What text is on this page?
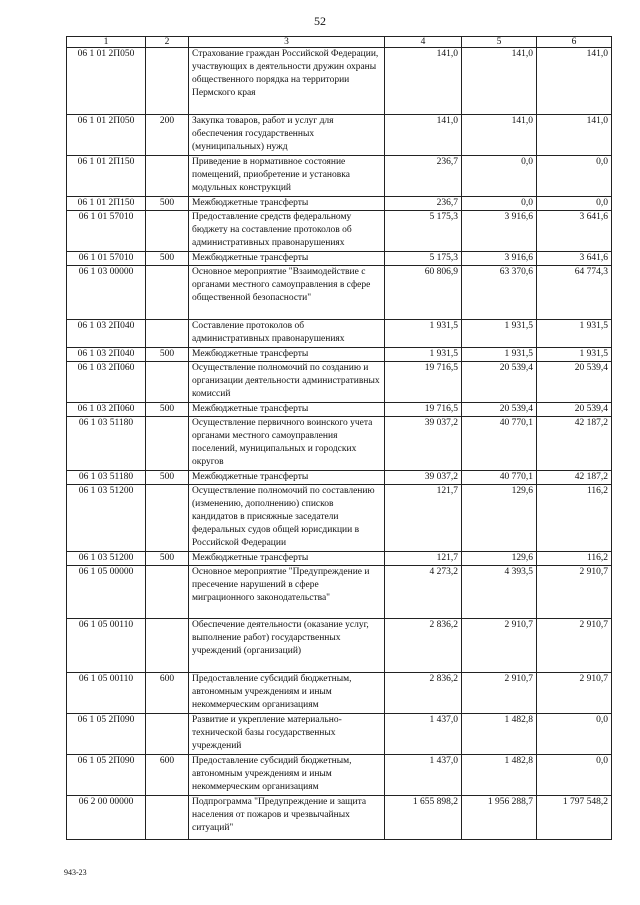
52
1	2	3	4	5	6
06 1 01 2П050		Страхование граждан Российской Федерации, участвующих в деятельности дружин охраны общественного порядка на территории Пермского края	141,0	141,0	141,0
06 1 01 2П050	200	Закупка товаров, работ и услуг для обеспечения государственных (муниципальных) нужд	141,0	141,0	141,0
06 1 01 2П150		Приведение в нормативное состояние помещений, приобретение и установка модульных конструкций	236,7	0,0	0,0
06 1 01 2П150	500	Межбюджетные трансферты	236,7	0,0	0,0
06 1 01 57010		Предоставление средств федеральному бюджету на составление протоколов об административных правонарушениях	5 175,3	3 916,6	3 641,6
06 1 01 57010	500	Межбюджетные трансферты	5 175,3	3 916,6	3 641,6
06 1 03 00000		Основное мероприятие "Взаимодействие с органами местного самоуправления в сфере общественной безопасности"	60 806,9	63 370,6	64 774,3
06 1 03 2П040		Составление протоколов об административных правонарушениях	1 931,5	1 931,5	1 931,5
06 1 03 2П040	500	Межбюджетные трансферты	1 931,5	1 931,5	1 931,5
06 1 03 2П060		Осуществление полномочий по созданию и организации деятельности административных комиссий	19 716,5	20 539,4	20 539,4
06 1 03 2П060	500	Межбюджетные трансферты	19 716,5	20 539,4	20 539,4
06 1 03 51180		Осуществление первичного воинского учета органами местного самоуправления поселений, муниципальных и городских округов	39 037,2	40 770,1	42 187,2
06 1 03 51180	500	Межбюджетные трансферты	39 037,2	40 770,1	42 187,2
06 1 03 51200		Осуществление полномочий по составлению (изменению, дополнению) списков кандидатов в присяжные заседатели федеральных судов общей юрисдикции в Российской Федерации	121,7	129,6	116,2
06 1 03 51200	500	Межбюджетные трансферты	121,7	129,6	116,2
06 1 05 00000		Основное мероприятие "Предупреждение и пресечение нарушений в сфере миграционного законодательства"	4 273,2	4 393,5	2 910,7
06 1 05 00110		Обеспечение деятельности (оказание услуг, выполнение работ) государственных учреждений (организаций)	2 836,2	2 910,7	2 910,7
06 1 05 00110	600	Предоставление субсидий бюджетным, автономным учреждениям и иным некоммерческим организациям	2 836,2	2 910,7	2 910,7
06 1 05 2П090		Развитие и укрепление материально-технической базы государственных учреждений	1 437,0	1 482,8	0,0
06 1 05 2П090	600	Предоставление субсидий бюджетным, автономным учреждениям и иным некоммерческим организациям	1 437,0	1 482,8	0,0
06 2 00 00000		Подпрограмма "Предупреждение и защита населения от пожаров и чрезвычайных ситуаций"	1 655 898,2	1 956 288,7	1 797 548,2
943-23
